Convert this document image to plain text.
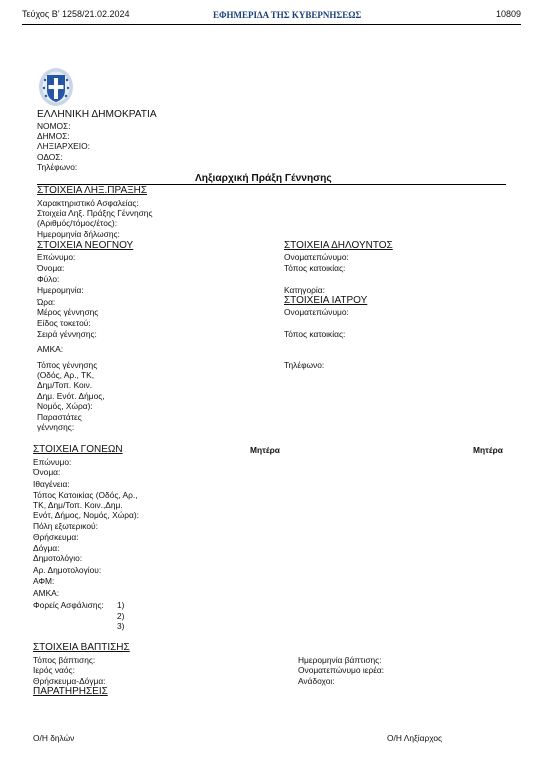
Τεύχος Β’ 1258/21.02.2024	ΕΦΗΜΕΡΙΔΑ ΤΗΣ ΚΥΒΕΡΝΗΣΕΩΣ	10809
ΕΛΛΗΝΙΚΗ ΔΗΜΟΚΡΑΤΙΑ
ΝΟΜΟΣ:
ΔΗΜΟΣ:
ΛΗΞΙΑΡΧΕΙΟ:
ΟΔΟΣ:
Τηλέφωνο:
Ληξιαρχική Πράξη Γέννησης
ΣΤΟΙΧΕΙΑ ΛΗΞ.ΠΡΑΞΗΣ
Χαρακτηριστικό Ασφαλείας:
Στοιχεία Ληξ. Πράξης Γέννησης
(Αριθμός/τόμος/έτος):
Ημερομηνία δήλωσης:
ΣΤΟΙΧΕΙΑ ΝΕΟΓΝΟΥ
Επώνυμο:
Όνομα:
Φύλο:
Ημερομηνία:
Ώρα:
Μέρος γέννησης
Είδος τοκετού:
Σειρά γέννησης:
ΑΜΚΑ:
Τόπος γέννησης
(Οδός, Αρ., ΤΚ,
Δημ/Τοπ. Κοιν.
Δημ. Ενότ. Δήμος,
Νομός, Χώρα):
Παραστάτες
γέννησης:
ΣΤΟΙΧΕΙΑ ΔΗΛΟΥΝΤΟΣ
Ονοματεπώνυμο:
Τόπος κατοικίας:
Κατηγορία:
ΣΤΟΙΧΕΙΑ ΙΑΤΡΟΥ
Ονοματεπώνυμο:
Τόπος κατοικίας:
Τηλέφωνο:
ΣΤΟΙΧΕΙΑ ΓΟΝΕΩΝ	Μητέρα	Μητέρα
Επώνυμο:
Όνομα:
Ιθαγένεια:
Τόπος Κατοικίας (Οδός, Αρ.,
ΤΚ, Δημ/Τοπ. Κοιν.,Δημ.
Ενότ, Δήμος, Νομός, Χώρα):
Πόλη εξωτερικού:
Θρήσκευμα:
Δόγμα:
Δημοτολόγιο:
Αρ. Δημοτολογίου:
ΑΦΜ:
ΑΜΚΑ:
Φορείς Ασφάλισης: 1)
2)
3)
ΣΤΟΙΧΕΙΑ ΒΑΠΤΙΣΗΣ
Τόπος βάπτισης:
Ιερός ναός:
Θρήσκευμα-Δόγμα:
Ημερομηνία βάπτισης:
Ονοματεπώνυμο ιερέα:
Ανάδοχοι:
ΠΑΡΑΤΗΡΗΣΕΙΣ
Ο/Η δηλών	Ο/Η Ληξίαρχος
